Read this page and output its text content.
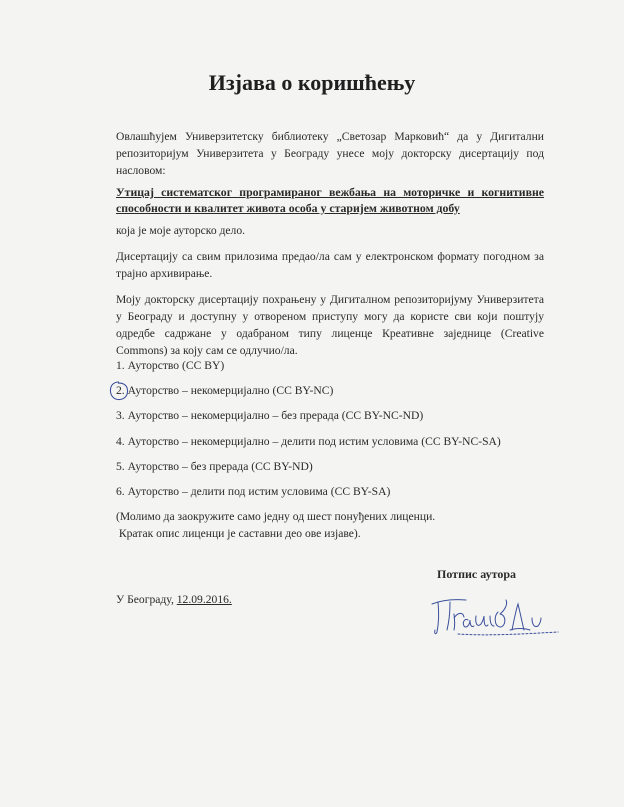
Изјава о коришћењу
Овлашћујем Универзитетску библиотеку „Светозар Марковић“ да у Дигитални репозиторијум Универзитета у Београду унесе моју докторску дисертацију под насловом:
Утицај систематског програмираног вежбања на моторичке и когнитивне способности и квалитет живота особа у старијем животном добу
која је моје ауторско дело.
Дисертацију са свим прилозима предао/ла сам у електронском формату погодном за трајно архивирање.
Моју докторску дисертацију похрањену у Дигиталном репозиторијуму Универзитета у Београду и доступну у отвореном приступу могу да користе сви који поштују одредбе садржане у одабраном типу лиценце Креативне заједнице (Creative Commons) за коју сам се одлучио/ла.
1. Ауторство (CC BY)
2. Ауторство – некомерцијално (CC BY-NC)
3. Ауторство – некомерцијално – без прерада (CC BY-NC-ND)
4. Ауторство – некомерцијално – делити под истим условима (CC BY-NC-SA)
5. Ауторство – без прерада (CC BY-ND)
6. Ауторство – делити под истим условима (CC BY-SA)
(Молимо да заокружите само једну од шест понуђених лиценци.
Кратак опис лиценци је саставни део ове изјаве).
Потпис аутора
У Београду, 12.09.2016.
